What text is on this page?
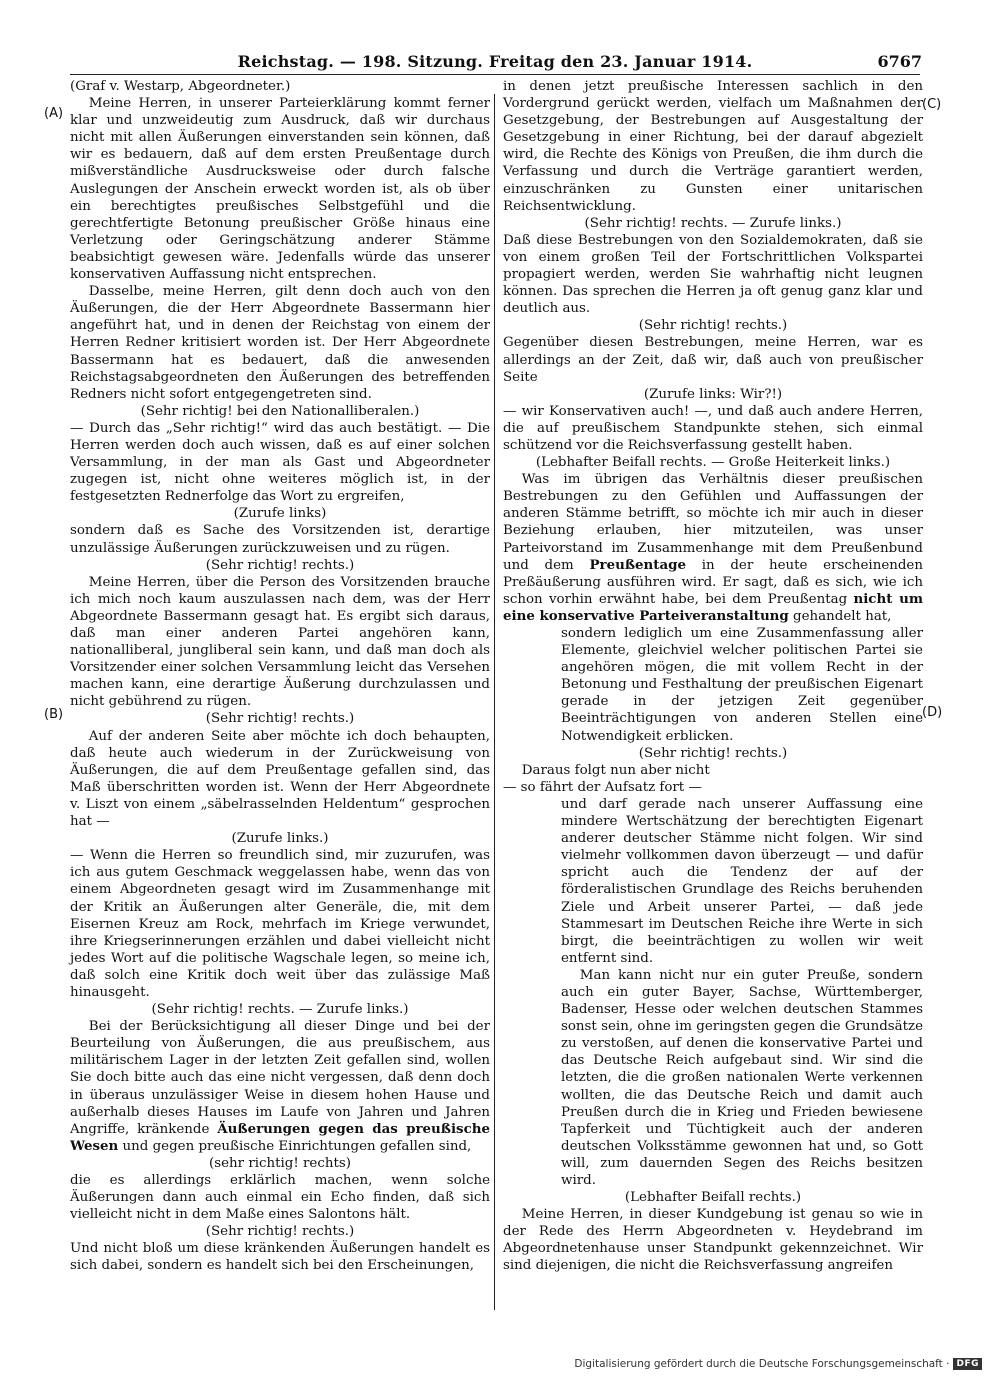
Reichstag. — 198. Sitzung. Freitag den 23. Januar 1914.	6767
(A)
(B)
(C)
(D)

(Graf v. Westarp, Abgeordneter.)

Meine Herren, in unserer Parteierklärung kommt ferner klar und unzweideutig zum Ausdruck, daß wir durchaus nicht mit allen Äußerungen einverstanden sein können, daß wir es bedauern, daß auf dem ersten Preußentage durch mißverständliche Ausdrucksweise oder durch falsche Auslegungen der Anschein erweckt worden ist, als ob über ein berechtigtes preußisches Selbstgefühl und die gerechtfertigte Betonung preußischer Größe hinaus eine Verletzung oder Geringschätzung anderer Stämme beabsichtigt gewesen wäre. Jedenfalls würde das unserer konservativen Auffassung nicht entsprechen.

Dasselbe, meine Herren, gilt denn doch auch von den Äußerungen, die der Herr Abgeordnete Bassermann hier angeführt hat, und in denen der Reichstag von einem der Herren Redner kritisiert worden ist. Der Herr Abgeordnete Bassermann hat es bedauert, daß die anwesenden Reichstagsabgeordneten den Äußerungen des betreffenden Redners nicht sofort entgegengetreten sind.

(Sehr richtig! bei den Nationalliberalen.)

— Durch das „Sehr richtig!“ wird das auch bestätigt. — Die Herren werden doch auch wissen, daß es auf einer solchen Versammlung, in der man als Gast und Abgeordneter zugegen ist, nicht ohne weiteres möglich ist, in der festgesetzten Rednerfolge das Wort zu ergreifen,

(Zurufe links)

sondern daß es Sache des Vorsitzenden ist, derartige unzulässige Äußerungen zurückzuweisen und zu rügen.

(Sehr richtig! rechts.)

Meine Herren, über die Person des Vorsitzenden brauche ich mich noch kaum auszulassen nach dem, was der Herr Abgeordnete Bassermann gesagt hat. Es ergibt sich daraus, daß man einer anderen Partei angehören kann, nationalliberal, jungliberal sein kann, und daß man doch als Vorsitzender einer solchen Versammlung leicht das Versehen machen kann, eine derartige Äußerung durchzulassen und nicht gebührend zu rügen.

(Sehr richtig! rechts.)

Auf der anderen Seite aber möchte ich doch behaupten, daß heute auch wiederum in der Zurückweisung von Äußerungen, die auf dem Preußentage gefallen sind, das Maß überschritten worden ist. Wenn der Herr Abgeordnete v. Liszt von einem „säbelrasselnden Heldentum“ gesprochen hat —

(Zurufe links.)

— Wenn die Herren so freundlich sind, mir zuzurufen, was ich aus gutem Geschmack weggelassen habe, wenn das von einem Abgeordneten gesagt wird im Zusammenhange mit der Kritik an Äußerungen alter Generäle, die, mit dem Eisernen Kreuz am Rock, mehrfach im Kriege verwundet, ihre Kriegserinnerungen erzählen und dabei vielleicht nicht jedes Wort auf die politische Wagschale legen, so meine ich, daß solch eine Kritik doch weit über das zulässige Maß hinausgeht.

(Sehr richtig! rechts. — Zurufe links.)

Bei der Berücksichtigung all dieser Dinge und bei der Beurteilung von Äußerungen, die aus preußischem, aus militärischem Lager in der letzten Zeit gefallen sind, wollen Sie doch bitte auch das eine nicht vergessen, daß denn doch in überaus unzulässiger Weise in diesem hohen Hause und außerhalb dieses Hauses im Laufe von Jahren und Jahren Angriffe, kränkende Äußerungen gegen das preußische Wesen und gegen preußische Einrichtungen gefallen sind,

(sehr richtig! rechts)

die es allerdings erklärlich machen, wenn solche Äußerungen dann auch einmal ein Echo finden, daß sich vielleicht nicht in dem Maße eines Salontons hält.

(Sehr richtig! rechts.)

Und nicht bloß um diese kränkenden Äußerungen handelt es sich dabei, sondern es handelt sich bei den Erscheinungen,

in denen jetzt preußische Interessen sachlich in den Vordergrund gerückt werden, vielfach um Maßnahmen der Gesetzgebung, der Bestrebungen auf Ausgestaltung der Gesetzgebung in einer Richtung, bei der darauf abgezielt wird, die Rechte des Königs von Preußen, die ihm durch die Verfassung und durch die Verträge garantiert werden, einzuschränken zu Gunsten einer unitarischen Reichsentwicklung.

(Sehr richtig! rechts. — Zurufe links.)

Daß diese Bestrebungen von den Sozialdemokraten, daß sie von einem großen Teil der Fortschrittlichen Volkspartei propagiert werden, werden Sie wahrhaftig nicht leugnen können. Das sprechen die Herren ja oft genug ganz klar und deutlich aus.

(Sehr richtig! rechts.)

Gegenüber diesen Bestrebungen, meine Herren, war es allerdings an der Zeit, daß wir, daß auch von preußischer Seite

(Zurufe links: Wir?!)

— wir Konservativen auch! —, und daß auch andere Herren, die auf preußischem Standpunkte stehen, sich einmal schützend vor die Reichsverfassung gestellt haben.

(Lebhafter Beifall rechts. — Große Heiterkeit links.)

Was im übrigen das Verhältnis dieser preußischen Bestrebungen zu den Gefühlen und Auffassungen der anderen Stämme betrifft, so möchte ich mir auch in dieser Beziehung erlauben, hier mitzuteilen, was unser Parteivorstand im Zusammenhange mit dem Preußenbund und dem Preußentage in der heute erscheinenden Preßäußerung ausführen wird. Er sagt, daß es sich, wie ich schon vorhin erwähnt habe, bei dem Preußentag nicht um eine konservative Parteiveranstaltung gehandelt hat,

sondern lediglich um eine Zusammenfassung aller Elemente, gleichviel welcher politischen Partei sie angehören mögen, die mit vollem Recht in der Betonung und Festhaltung der preußischen Eigenart gerade in der jetzigen Zeit gegenüber Beeinträchtigungen von anderen Stellen eine Notwendigkeit erblicken.

(Sehr richtig! rechts.)

Daraus folgt nun aber nicht

— so fährt der Aufsatz fort —

und darf gerade nach unserer Auffassung eine mindere Wertschätzung der berechtigten Eigenart anderer deutscher Stämme nicht folgen. Wir sind vielmehr vollkommen davon überzeugt — und dafür spricht auch die Tendenz der auf der förderalistischen Grundlage des Reichs beruhenden Ziele und Arbeit unserer Partei, — daß jede Stammesart im Deutschen Reiche ihre Werte in sich birgt, die beeinträchtigen zu wollen wir weit entfernt sind.

Man kann nicht nur ein guter Preuße, sondern auch ein guter Bayer, Sachse, Württemberger, Badenser, Hesse oder welchen deutschen Stammes sonst sein, ohne im geringsten gegen die Grundsätze zu verstoßen, auf denen die konservative Partei und das Deutsche Reich aufgebaut sind. Wir sind die letzten, die die großen nationalen Werte verkennen wollten, die das Deutsche Reich und damit auch Preußen durch die in Krieg und Frieden bewiesene Tapferkeit und Tüchtigkeit auch der anderen deutschen Volksstämme gewonnen hat und, so Gott will, zum dauernden Segen des Reichs besitzen wird.

(Lebhafter Beifall rechts.)

Meine Herren, in dieser Kundgebung ist genau so wie in der Rede des Herrn Abgeordneten v. Heydebrand im Abgeordnetenhause unser Standpunkt gekennzeichnet. Wir sind diejenigen, die nicht die Reichsverfassung angreifen

Digitalisierung gefördert durch die Deutsche Forschungsgemeinschaft · DFG
